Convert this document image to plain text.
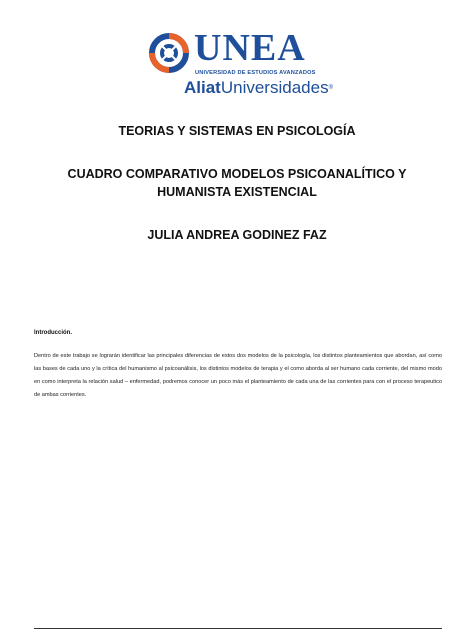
UNEA
UNIVERSIDAD DE ESTUDIOS AVANZADOS
AliatUniversidades®
TEORIAS Y SISTEMAS EN PSICOLOGÍA
CUADRO COMPARATIVO MODELOS PSICOANALÍTICO Y HUMANISTA EXISTENCIAL
JULIA ANDREA GODINEZ FAZ
Introducción.
Dentro de este trabajo se lograrán identificar las principales diferencias de estos dos modelos de la psicología, los distintos planteamientos que abordan, así como las bases de cada uno y la crítica del humanismo al psicoanálisis, los distintos modelos de terapia y el como aborda al ser humano cada corriente, del mismo modo en como interpreta la relación salud – enfermedad, podremos conocer un poco más el planteamiento de cada una de las corrientes para con el proceso terapeutico de ambas corrientes.
